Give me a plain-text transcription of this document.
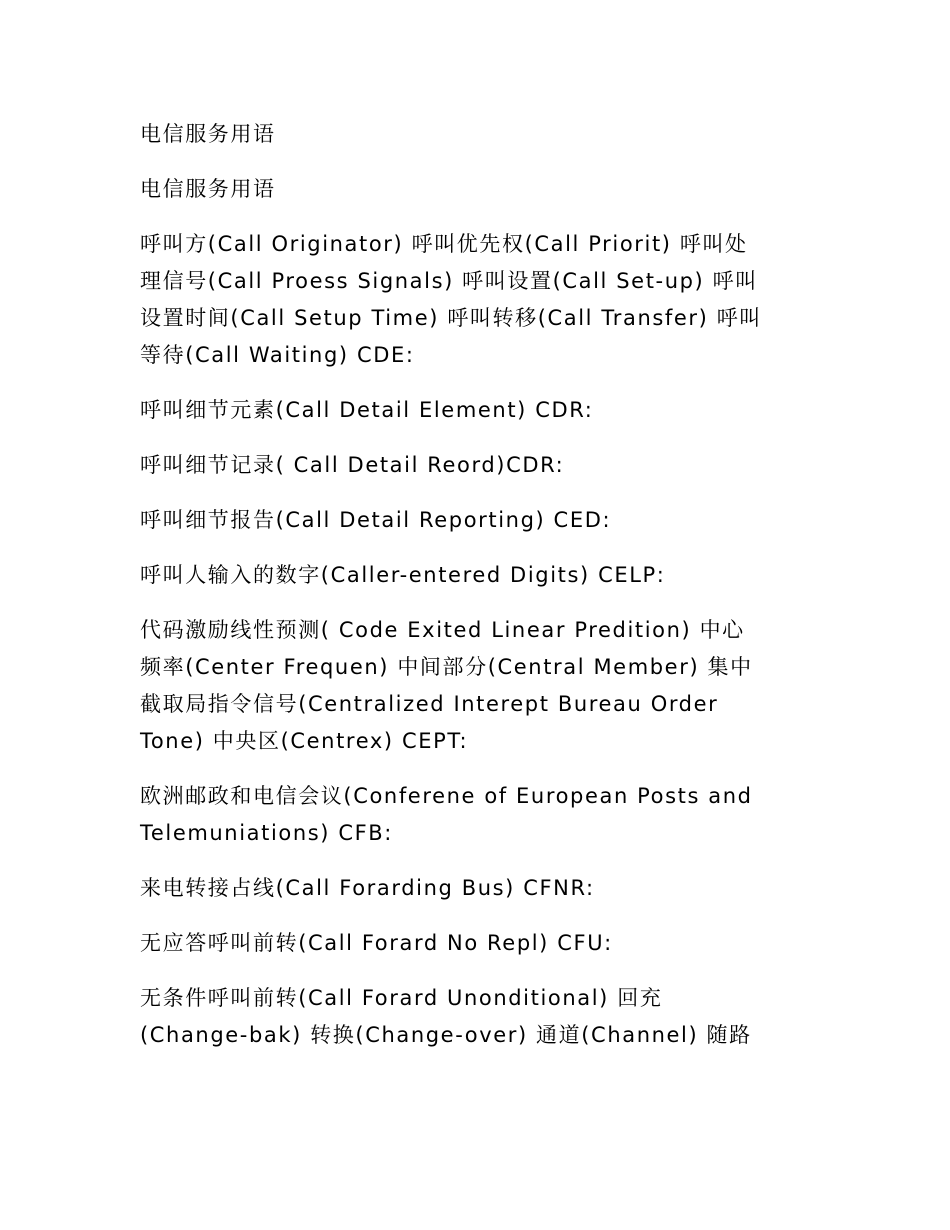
电信服务用语

电信服务用语

呼叫方(Call Originator) 呼叫优先权(Call Priorit) 呼叫处
理信号(Call Proess Signals) 呼叫设置(Call Set-up) 呼叫
设置时间(Call Setup Time) 呼叫转移(Call Transfer) 呼叫
等待(Call Waiting) CDE:

呼叫细节元素(Call Detail Element) CDR:

呼叫细节记录( Call Detail Reord)CDR:

呼叫细节报告(Call Detail Reporting) CED:

呼叫人输入的数字(Caller-entered Digits) CELP:

代码激励线性预测( Code Exited Linear Predition) 中心
频率(Center Frequen) 中间部分(Central Member) 集中
截取局指令信号(Centralized Interept Bureau Order
Tone) 中央区(Centrex) CEPT:

欧洲邮政和电信会议(Conferene of European Posts and
Telemuniations) CFB:

来电转接占线(Call Forarding Bus) CFNR:

无应答呼叫前转(Call Forard No Repl) CFU:

无条件呼叫前转(Call Forard Unonditional) 回充
(Change-bak) 转换(Change-over) 通道(Channel) 随路
